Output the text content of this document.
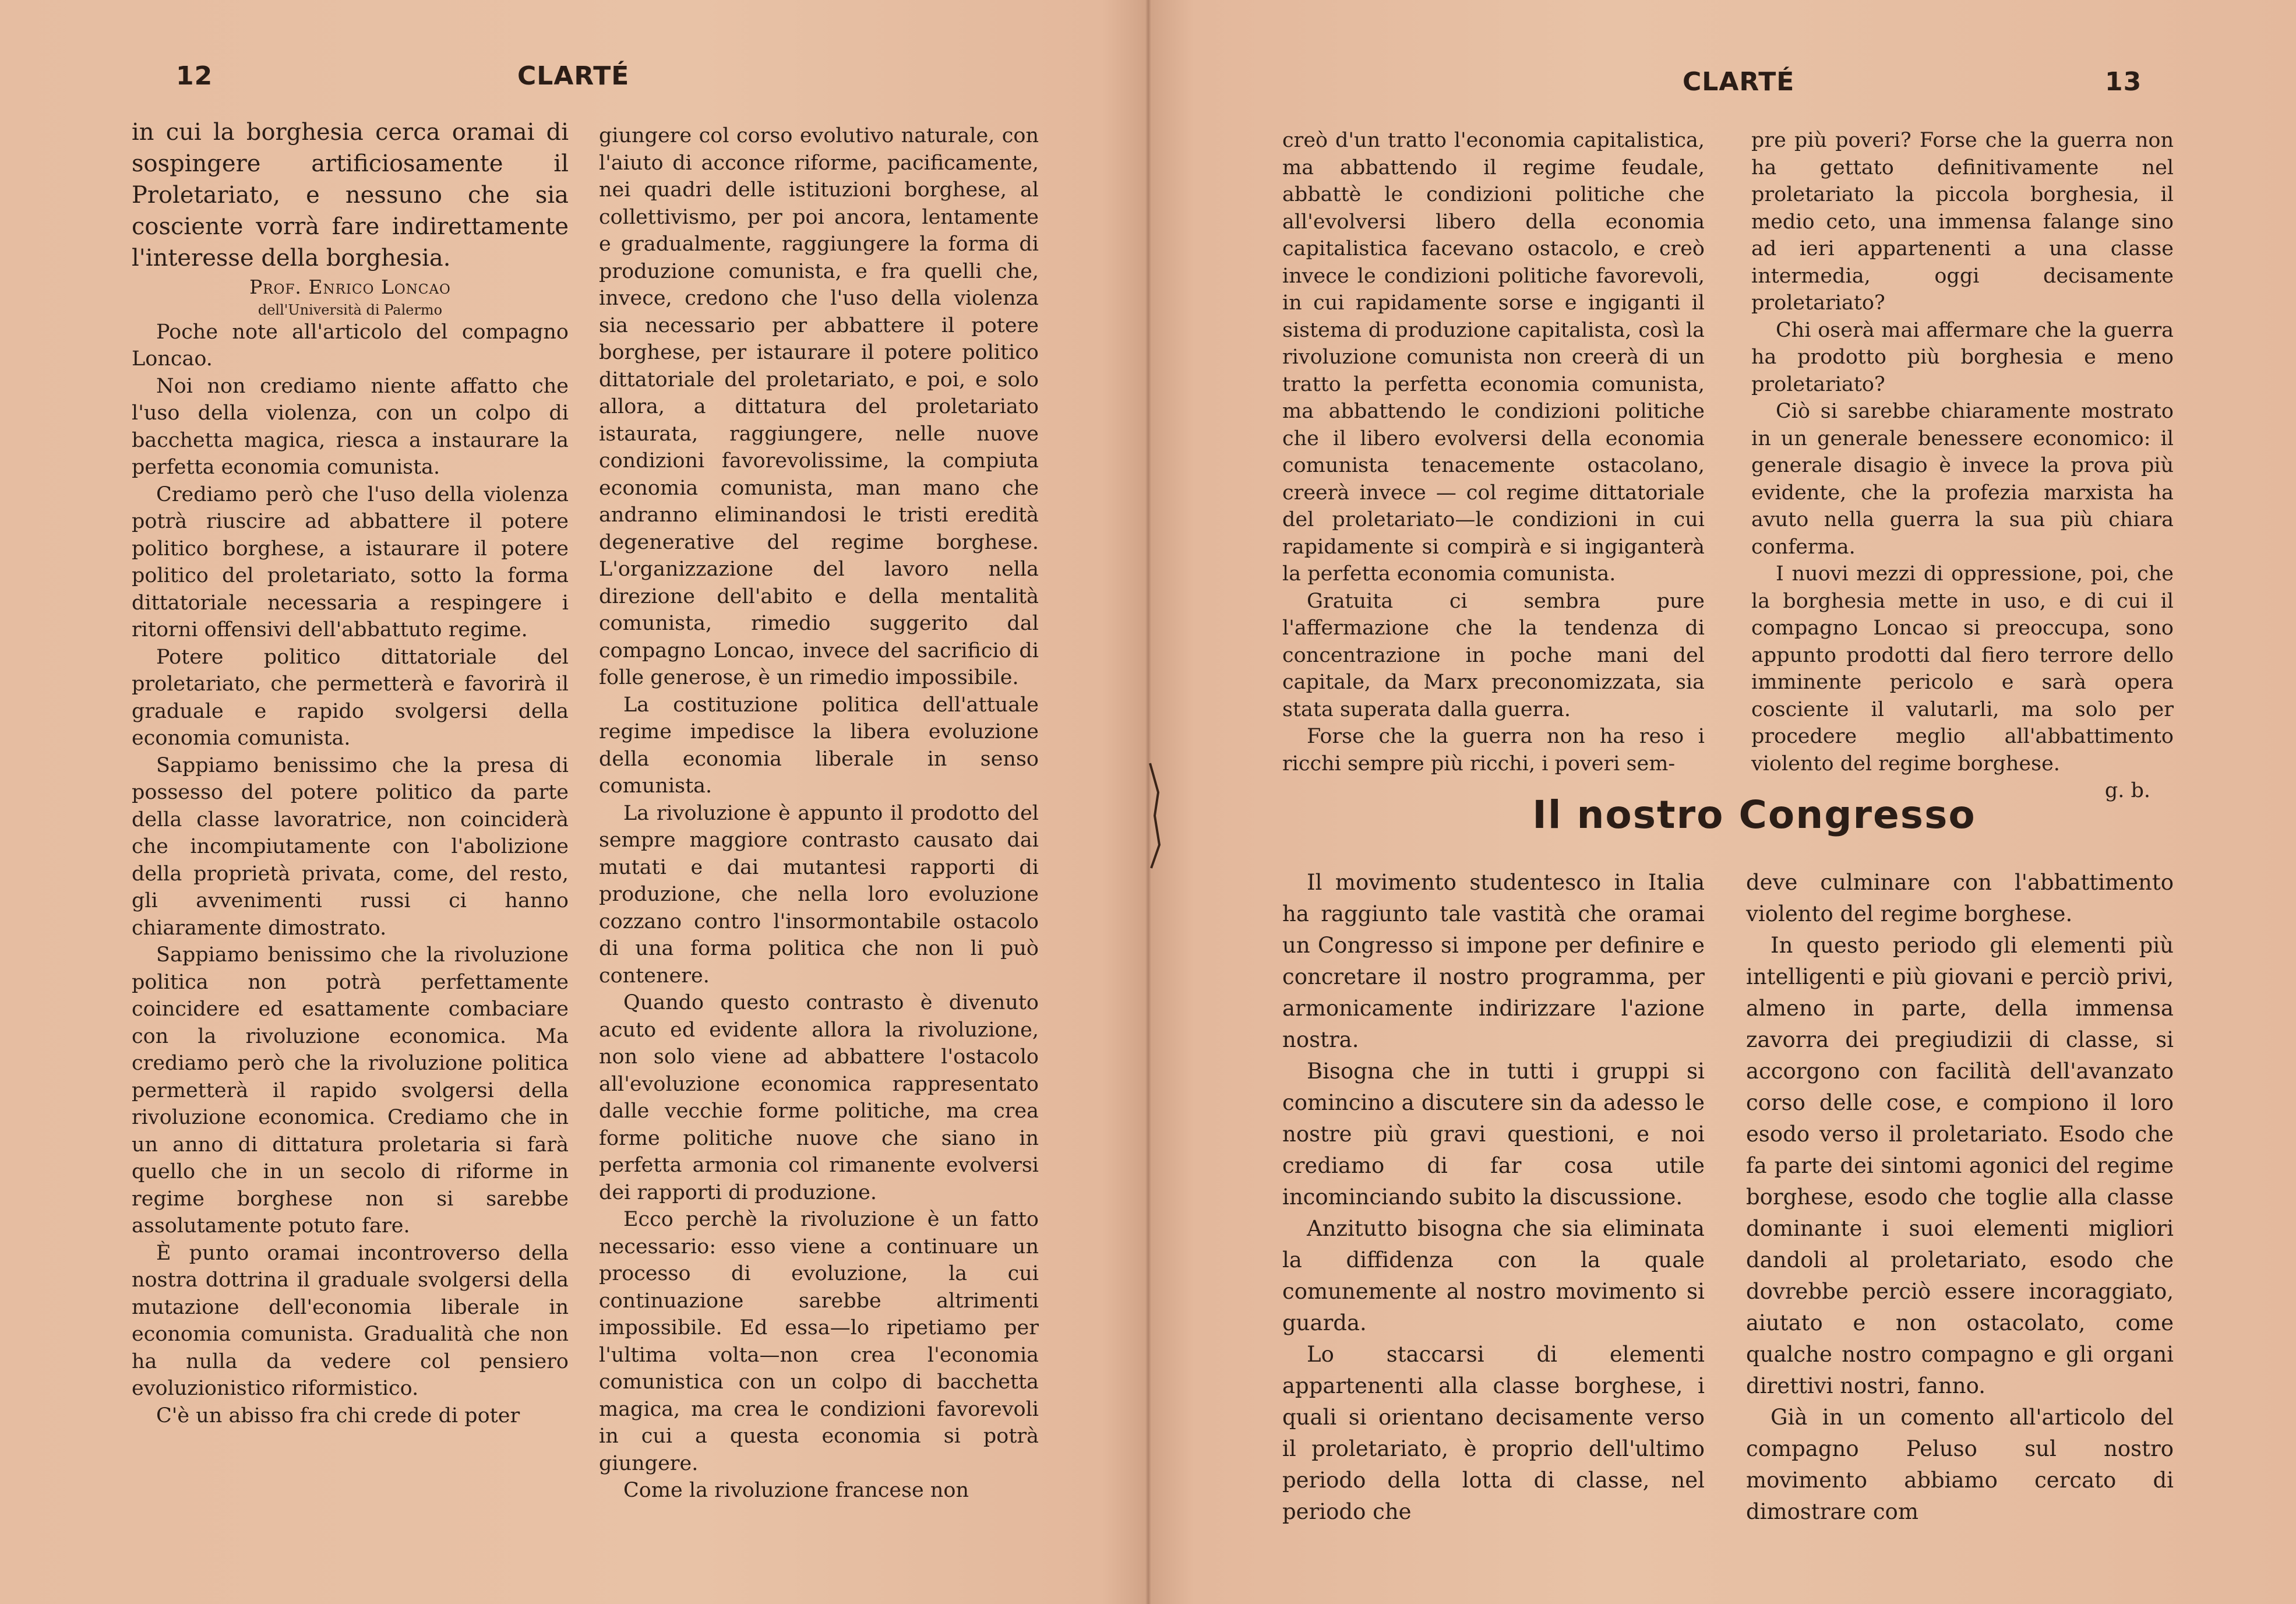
12	CLARTÉ

in cui la borghesia cerca oramai di sospingere artificiosamente il Proletariato, e nessuno che sia cosciente vorrà fare indirettamente l'interesse della borghesia.

Prof. Enrico Loncao

dell'Università di Palermo

Poche note all'articolo del compagno Loncao.

Noi non crediamo niente affatto che l'uso della violenza, con un colpo di bacchetta magica, riesca a instaurare la perfetta economia comunista.

Crediamo però che l'uso della violenza potrà riuscire ad abbattere il potere politico borghese, a istaurare il potere politico del proletariato, sotto la forma dittatoriale necessaria a respingere i ritorni offensivi dell'abbattuto regime.

Potere politico dittatoriale del proletariato, che permetterà e favorirà il graduale e rapido svolgersi della economia comunista.

Sappiamo benissimo che la presa di possesso del potere politico da parte della classe lavoratrice, non coinciderà che incompiutamente con l'abolizione della proprietà privata, come, del resto, gli avvenimenti russi ci hanno chiaramente dimostrato.

Sappiamo benissimo che la rivoluzione politica non potrà perfettamente coincidere ed esattamente combaciare con la rivoluzione economica. Ma crediamo però che la rivoluzione politica permetterà il rapido svolgersi della rivoluzione economica. Crediamo che in un anno di dittatura proletaria si farà quello che in un secolo di riforme in regime borghese non si sarebbe assolutamente potuto fare.

È punto oramai incontroverso della nostra dottrina il graduale svolgersi della mutazione dell'economia liberale in economia comunista. Gradualità che non ha nulla da vedere col pensiero evoluzionistico riformistico.

C'è un abisso fra chi crede di poter

giungere col corso evolutivo naturale, con l'aiuto di acconce riforme, pacificamente, nei quadri delle istituzioni borghese, al collettivismo, per poi ancora, lentamente e gradualmente, raggiungere la forma di produzione comunista, e fra quelli che, invece, credono che l'uso della violenza sia necessario per abbattere il potere borghese, per istaurare il potere politico dittatoriale del proletariato, e poi, e solo allora, a dittatura del proletariato istaurata, raggiungere, nelle nuove condizioni favorevolissime, la compiuta economia comunista, man mano che andranno eliminandosi le tristi eredità degenerative del regime borghese. L'organizzazione del lavoro nella direzione dell'abito e della mentalità comunista, rimedio suggerito dal compagno Loncao, invece del sacrificio di folle generose, è un rimedio impossibile.

La costituzione politica dell'attuale regime impedisce la libera evoluzione della economia liberale in senso comunista.

La rivoluzione è appunto il prodotto del sempre maggiore contrasto causato dai mutati e dai mutantesi rapporti di produzione, che nella loro evoluzione cozzano contro l'insormontabile ostacolo di una forma politica che non li può contenere.

Quando questo contrasto è divenuto acuto ed evidente allora la rivoluzione, non solo viene ad abbattere l'ostacolo all'evoluzione economica rappresentato dalle vecchie forme politiche, ma crea forme politiche nuove che siano in perfetta armonia col rimanente evolversi dei rapporti di produzione.

Ecco perchè la rivoluzione è un fatto necessario: esso viene a continuare un processo di evoluzione, la cui continuazione sarebbe altrimenti impossibile. Ed essa—lo ripetiamo per l'ultima volta—non crea l'economia comunistica con un colpo di bacchetta magica, ma crea le condizioni favorevoli in cui a questa economia si potrà giungere.

Come la rivoluzione francese non

CLARTÉ	13

creò d'un tratto l'economia capitalistica, ma abbattendo il regime feudale, abbattè le condizioni politiche che all'evolversi libero della economia capitalistica facevano ostacolo, e creò invece le condizioni politiche favorevoli, in cui rapidamente sorse e ingiganti il sistema di produzione capitalista, così la rivoluzione comunista non creerà di un tratto la perfetta economia comunista, ma abbattendo le condizioni politiche che il libero evolversi della economia comunista tenacemente ostacolano, creerà invece — col regime dittatoriale del proletariato—le condizioni in cui rapidamente si compirà e si ingiganterà la perfetta economia comunista.

Gratuita ci sembra pure l'affermazione che la tendenza di concentrazione in poche mani del capitale, da Marx preconomizzata, sia stata superata dalla guerra.

Forse che la guerra non ha reso i ricchi sempre più ricchi, i poveri sem-

pre più poveri? Forse che la guerra non ha gettato definitivamente nel proletariato la piccola borghesia, il medio ceto, una immensa falange sino ad ieri appartenenti a una classe intermedia, oggi decisamente proletariato?

Chi oserà mai affermare che la guerra ha prodotto più borghesia e meno proletariato?

Ciò si sarebbe chiaramente mostrato in un generale benessere economico: il generale disagio è invece la prova più evidente, che la profezia marxista ha avuto nella guerra la sua più chiara conferma.

I nuovi mezzi di oppressione, poi, che la borghesia mette in uso, e di cui il compagno Loncao si preoccupa, sono appunto prodotti dal fiero terrore dello imminente pericolo e sarà opera cosciente il valutarli, ma solo per procedere meglio all'abbattimento violento del regime borghese.

g. b.

Il nostro Congresso

Il movimento studentesco in Italia ha raggiunto tale vastità che oramai un Congresso si impone per definire e concretare il nostro programma, per armonicamente indirizzare l'azione nostra.

Bisogna che in tutti i gruppi si comincino a discutere sin da adesso le nostre più gravi questioni, e noi crediamo di far cosa utile incominciando subito la discussione.

Anzitutto bisogna che sia eliminata la diffidenza con la quale comunemente al nostro movimento si guarda.

Lo staccarsi di elementi appartenenti alla classe borghese, i quali si orientano decisamente verso il proletariato, è proprio dell'ultimo periodo della lotta di classe, nel periodo che

deve culminare con l'abbattimento violento del regime borghese.

In questo periodo gli elementi più intelligenti e più giovani e perciò privi, almeno in parte, della immensa zavorra dei pregiudizii di classe, si accorgono con facilità dell'avanzato corso delle cose, e compiono il loro esodo verso il proletariato. Esodo che fa parte dei sintomi agonici del regime borghese, esodo che toglie alla classe dominante i suoi elementi migliori dandoli al proletariato, esodo che dovrebbe perciò essere incoraggiato, aiutato e non ostacolato, come qualche nostro compagno e gli organi direttivi nostri, fanno.

Già in un comento all'articolo del compagno Peluso sul nostro movimento abbiamo cercato di dimostrare com
